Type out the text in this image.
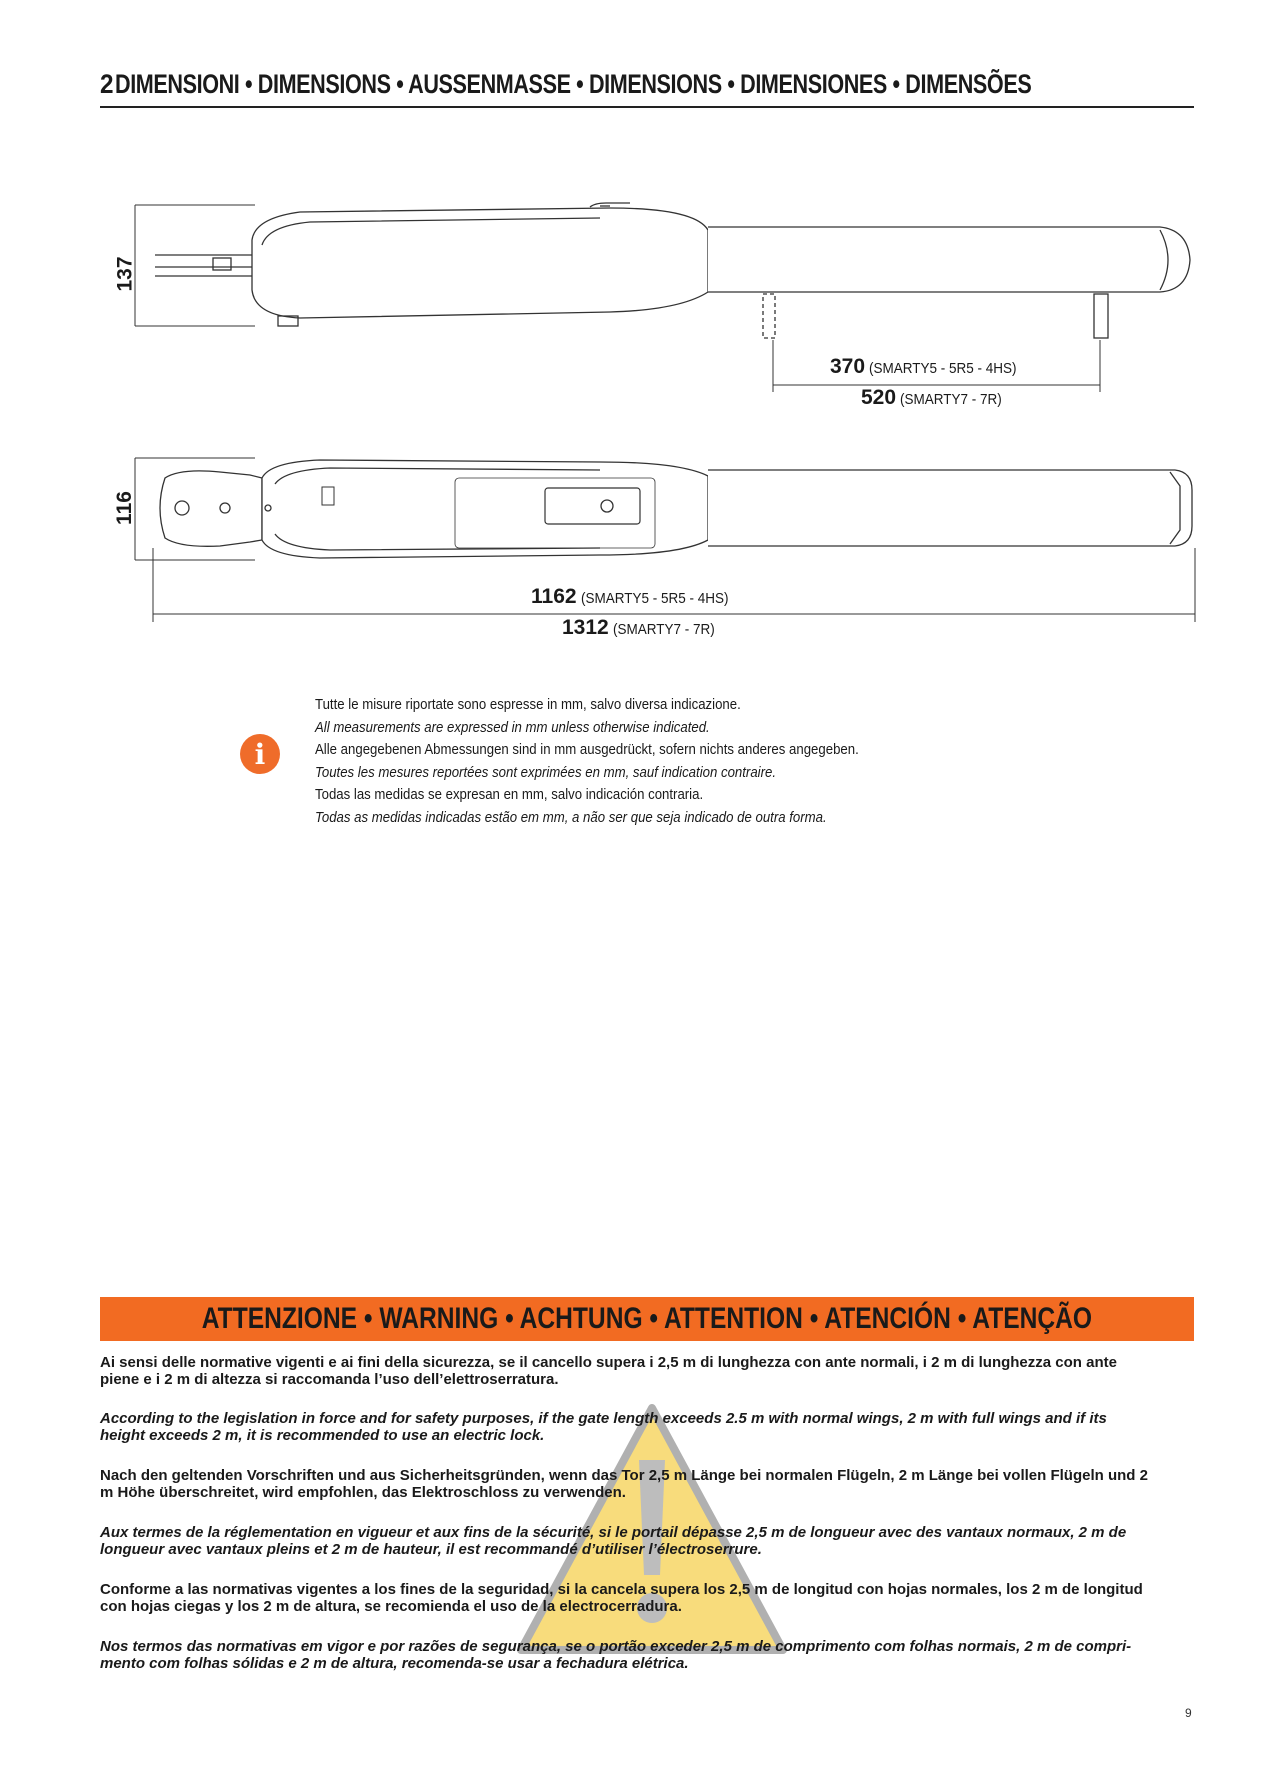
2 DIMENSIONI • DIMENSIONS • AUSSENMASSE • DIMENSIONS • DIMENSIONES • DIMENSÕES
137
116
370 (SMARTY5 - 5R5 - 4HS)
520 (SMARTY7 - 7R)
1162 (SMARTY5 - 5R5 - 4HS)
1312 (SMARTY7 - 7R)
i
Tutte le misure riportate sono espresse in mm, salvo diversa indicazione.
All measurements are expressed in mm unless otherwise indicated.
Alle angegebenen Abmessungen sind in mm ausgedrückt, sofern nichts anderes angegeben.
Toutes les mesures reportées sont exprimées en mm, sauf indication contraire.
Todas las medidas se expresan en mm, salvo indicación contraria.
Todas as medidas indicadas estão em mm, a não ser que seja indicado de outra forma.
ATTENZIONE • WARNING • ACHTUNG • ATTENTION • ATENCIÓN • ATENÇÃO
Ai sensi delle normative vigenti e ai fini della sicurezza, se il cancello supera i 2,5 m di lunghezza con ante normali, i 2 m di lunghezza con ante
piene e i 2 m di altezza si raccomanda l’uso dell’elettroserratura.
According to the legislation in force and for safety purposes, if the gate length exceeds 2.5 m with normal wings, 2 m with full wings and if its
height exceeds 2 m, it is recommended to use an electric lock.
Nach den geltenden Vorschriften und aus Sicherheitsgründen, wenn das Tor 2,5 m Länge bei normalen Flügeln, 2 m Länge bei vollen Flügeln und 2
m Höhe überschreitet, wird empfohlen, das Elektroschloss zu verwenden.
Aux termes de la réglementation en vigueur et aux fins de la sécurité, si le portail dépasse 2,5 m de longueur avec des vantaux normaux, 2 m de
longueur avec vantaux pleins et 2 m de hauteur, il est recommandé d’utiliser l’électroserrure.
Conforme a las normativas vigentes a los fines de la seguridad, si la cancela supera los 2,5 m de longitud con hojas normales, los 2 m de longitud
con hojas ciegas y los 2 m de altura, se recomienda el uso de la electrocerradura.
Nos termos das normativas em vigor e por razões de segurança, se o portão exceder 2,5 m de comprimento com folhas normais, 2 m de compri-
mento com folhas sólidas e 2 m de altura, recomenda-se usar a fechadura elétrica.
9
